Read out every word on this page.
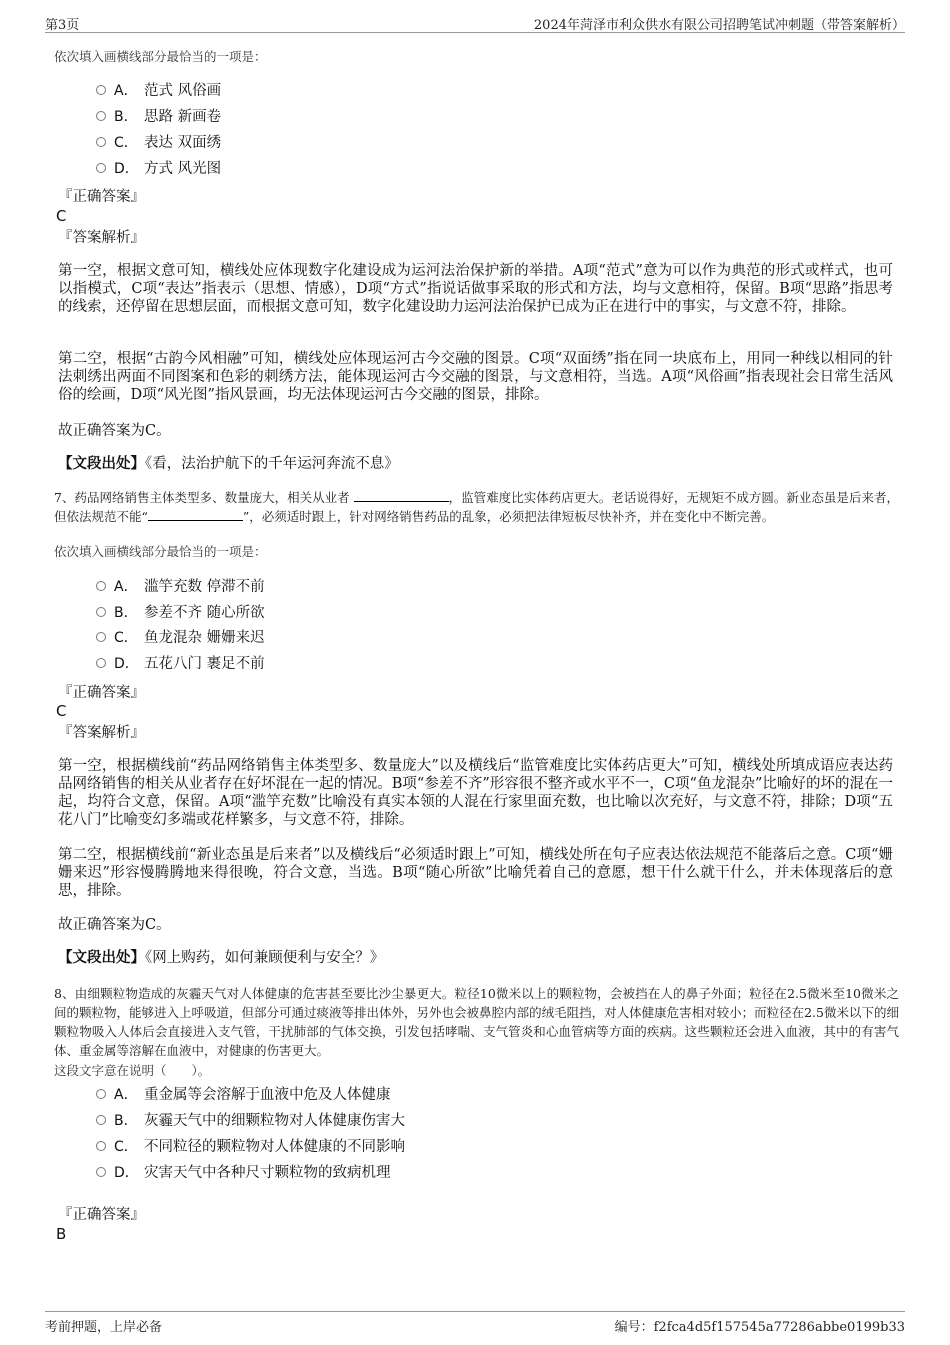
第3页	2024年菏泽市利众供水有限公司招聘笔试冲刺题（带答案解析）
依次填入画横线部分最恰当的一项是：
A． 范式 风俗画
B． 思路 新画卷
C． 表达 双面绣
D． 方式 风光图
『正确答案』
C
『答案解析』
第一空，根据文意可知，横线处应体现数字化建设成为运河法治保护新的举措。A项“范式”意为可以作为典范的形式或样式，也可以指模式，C项“表达”指表示（思想、情感），D项“方式”指说话做事采取的形式和方法，均与文意相符，保留。B项“思路”指思考的线索，还停留在思想层面，而根据文意可知，数字化建设助力运河法治保护已成为正在进行中的事实，与文意不符，排除。
第二空，根据“古韵今风相融”可知，横线处应体现运河古今交融的图景。C项“双面绣”指在同一块底布上，用同一种线以相同的针法刺绣出两面不同图案和色彩的刺绣方法，能体现运河古今交融的图景，与文意相符，当选。A项“风俗画”指表现社会日常生活风俗的绘画，D项“风光图”指风景画，均无法体现运河古今交融的图景，排除。
故正确答案为C。
【文段出处】《看，法治护航下的千年运河奔流不息》
7、药品网络销售主体类型多、数量庞大，相关从业者	，监管难度比实体药店更大。老话说得好，无规矩不成方圆。新业态虽是后来者，但依法规范不能“	”，必须适时跟上，针对网络销售药品的乱象，必须把法律短板尽快补齐，并在变化中不断完善。
依次填入画横线部分最恰当的一项是：
A． 滥竽充数 停滞不前
B． 参差不齐 随心所欲
C． 鱼龙混杂 姗姗来迟
D． 五花八门 裹足不前
『正确答案』
C
『答案解析』
第一空，根据横线前“药品网络销售主体类型多、数量庞大”以及横线后“监管难度比实体药店更大”可知，横线处所填成语应表达药品网络销售的相关从业者存在好坏混在一起的情况。B项“参差不齐”形容很不整齐或水平不一，C项“鱼龙混杂”比喻好的坏的混在一起，均符合文意，保留。A项“滥竽充数”比喻没有真实本领的人混在行家里面充数，也比喻以次充好，与文意不符，排除；D项“五花八门”比喻变幻多端或花样繁多，与文意不符，排除。
第二空，根据横线前“新业态虽是后来者”以及横线后“必须适时跟上”可知，横线处所在句子应表达依法规范不能落后之意。C项“姗姗来迟”形容慢腾腾地来得很晚，符合文意，当选。B项“随心所欲”比喻凭着自己的意愿，想干什么就干什么，并未体现落后的意思，排除。
故正确答案为C。
【文段出处】《网上购药，如何兼顾便利与安全？》
8、由细颗粒物造成的灰霾天气对人体健康的危害甚至要比沙尘暴更大。粒径10微米以上的颗粒物，会被挡在人的鼻子外面；粒径在2.5微米至10微米之间的颗粒物，能够进入上呼吸道，但部分可通过痰液等排出体外，另外也会被鼻腔内部的绒毛阻挡，对人体健康危害相对较小；而粒径在2.5微米以下的细颗粒物吸入人体后会直接进入支气管，干扰肺部的气体交换，引发包括哮喘、支气管炎和心血管病等方面的疾病。这些颗粒还会进入血液，其中的有害气体、重金属等溶解在血液中，对健康的伤害更大。
这段文字意在说明（　　）。
A． 重金属等会溶解于血液中危及人体健康
B． 灰霾天气中的细颗粒物对人体健康伤害大
C． 不同粒径的颗粒物对人体健康的不同影响
D． 灾害天气中各种尺寸颗粒物的致病机理
『正确答案』
B
考前押题，上岸必备	编号：f2fca4d5f157545a77286abbe0199b33
